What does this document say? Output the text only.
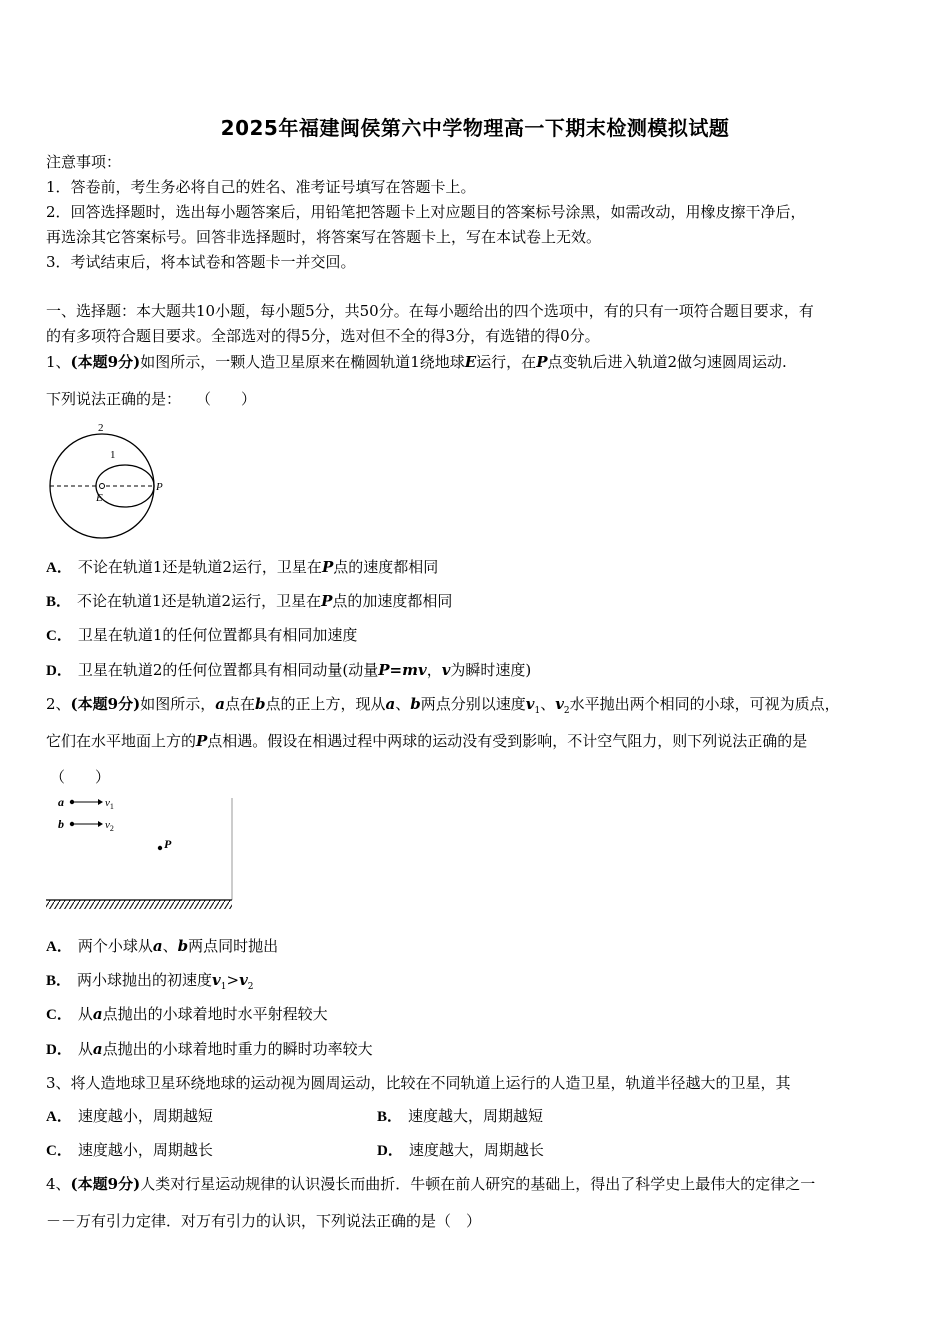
2025年福建闽侯第六中学物理高一下期末检测模拟试题
注意事项：
1．答卷前，考生务必将自己的姓名、准考证号填写在答题卡上。
2．回答选择题时，选出每小题答案后，用铅笔把答题卡上对应题目的答案标号涂黑，如需改动，用橡皮擦干净后，
再选涂其它答案标号。回答非选择题时，将答案写在答题卡上，写在本试卷上无效。
3．考试结束后，将本试卷和答题卡一并交回。
一、选择题：本大题共10小题，每小题5分，共50分。在每小题给出的四个选项中，有的只有一项符合题目要求，有
的有多项符合题目要求。全部选对的得5分，选对但不全的得3分，有选错的得0分。
1、(本题9分)如图所示，一颗人造卫星原来在椭圆轨道1绕地球E运行，在P点变轨后进入轨道2做匀速圆周运动.
下列说法正确的是：　　（　　）
2
1
E
P
A． 不论在轨道1还是轨道2运行，卫星在P点的速度都相同
B． 不论在轨道1还是轨道2运行，卫星在P点的加速度都相同
C． 卫星在轨道1的任何位置都具有相同加速度
D． 卫星在轨道2的任何位置都具有相同动量(动量P=mv，v为瞬时速度)
2、(本题9分)如图所示，a点在b点的正上方，现从a、b两点分别以速度$v_1$、$v_2$水平抛出两个相同的小球，可视为质点，
它们在水平地面上方的P点相遇。假设在相遇过程中两球的运动没有受到影响，不计空气阻力，则下列说法正确的是
（　　）
a	$v_1$
b	$v_2$
P
A． 两个小球从a、b两点同时抛出
B． 两小球抛出的初速度$v_1>v_2$
C． 从a点抛出的小球着地时水平射程较大
D． 从a点抛出的小球着地时重力的瞬时功率较大
3、将人造地球卫星环绕地球的运动视为圆周运动，比较在不同轨道上运行的人造卫星，轨道半径越大的卫星，其
A． 速度越小，周期越短	B． 速度越大，周期越短
C． 速度越小，周期越长	D． 速度越大，周期越长
4、(本题9分)人类对行星运动规律的认识漫长而曲折．牛顿在前人研究的基础上，得出了科学史上最伟大的定律之一
－－万有引力定律．对万有引力的认识，下列说法正确的是（　）
